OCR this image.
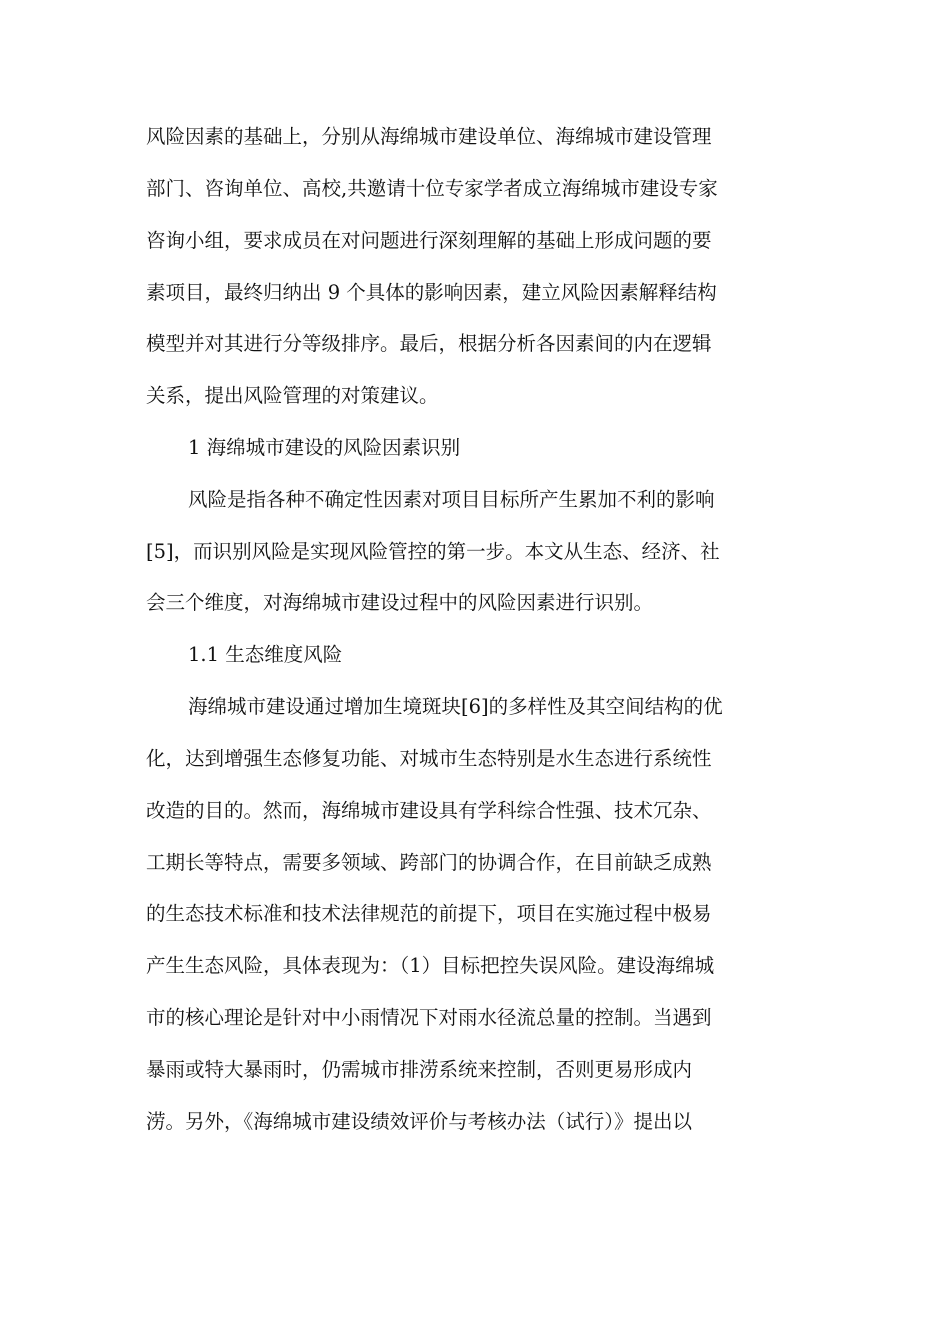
风险因素的基础上，分别从海绵城市建设单位、海绵城市建设管理
部门、咨询单位、高校,共邀请十位专家学者成立海绵城市建设专家
咨询小组，要求成员在对问题进行深刻理解的基础上形成问题的要
素项目，最终归纳出 9 个具体的影响因素，建立风险因素解释结构
模型并对其进行分等级排序。最后，根据分析各因素间的内在逻辑
关系，提出风险管理的对策建议。
1 海绵城市建设的风险因素识别
风险是指各种不确定性因素对项目目标所产生累加不利的影响
[5]，而识别风险是实现风险管控的第一步。本文从生态、经济、社
会三个维度，对海绵城市建设过程中的风险因素进行识别。
1.1 生态维度风险
海绵城市建设通过增加生境斑块[6]的多样性及其空间结构的优
化，达到增强生态修复功能、对城市生态特别是水生态进行系统性
改造的目的。然而，海绵城市建设具有学科综合性强、技术冗杂、
工期长等特点，需要多领域、跨部门的协调合作，在目前缺乏成熟
的生态技术标准和技术法律规范的前提下，项目在实施过程中极易
产生生态风险，具体表现为：（1）目标把控失误风险。建设海绵城
市的核心理论是针对中小雨情况下对雨水径流总量的控制。当遇到
暴雨或特大暴雨时，仍需城市排涝系统来控制，否则更易形成内
涝。另外，《海绵城市建设绩效评价与考核办法（试行）》提出以
